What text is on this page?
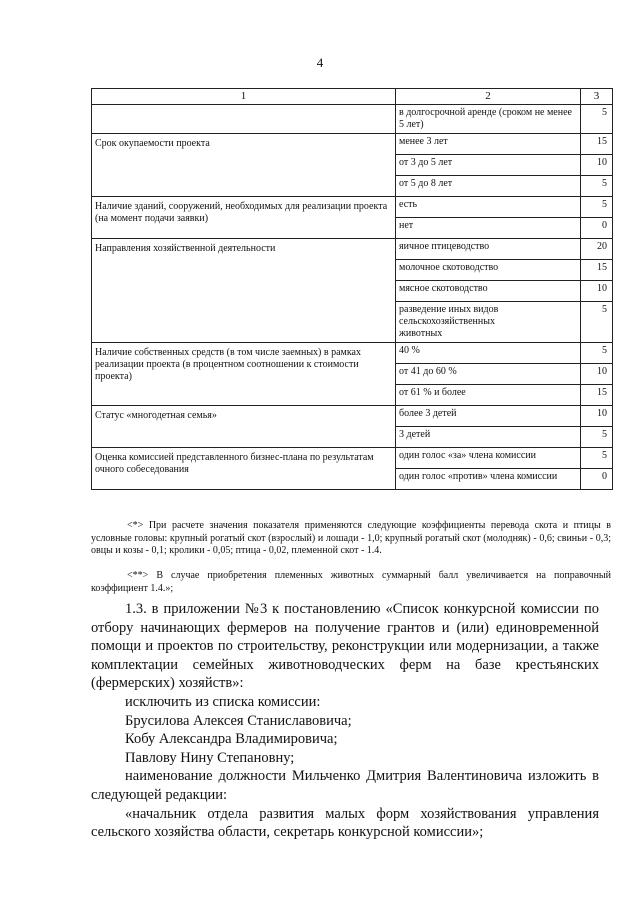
4
1	2	3
	в долгосрочной аренде (сроком не менее 5 лет)	5
Срок окупаемости проекта	менее 3 лет	15
	от 3 до 5 лет	10
	от 5 до 8 лет	5
Наличие зданий, сооружений, необходимых для реализации проекта (на момент подачи заявки)	есть	5
	нет	0
Направления хозяйственной деятельности	яичное птицеводство	20
	молочное скотоводство	15
	мясное скотоводство	10
	разведение иных видов сельскохозяйственных животных	5
Наличие собственных средств (в том числе заемных) в рамках реализации проекта (в процентном соотношении к стоимости проекта)	40 %	5
	от 41 до 60 %	10
	от 61 % и более	15
Статус «многодетная семья»	более 3 детей	10
	3 детей	5
Оценка комиссией представленного бизнес-плана по результатам очного собеседования	один голос «за» члена комиссии	5
	один голос «против» члена комиссии	0
<*> При расчете значения показателя применяются следующие коэффициенты перевода скота и птицы в условные головы: крупный рогатый скот (взрослый) и лошади - 1,0; крупный рогатый скот (молодняк) - 0,6; свиньи - 0,3; овцы и козы - 0,1; кролики - 0,05; птица - 0,02, племенной скот - 1.4.
<**> В случае приобретения племенных животных суммарный балл увеличивается на поправочный коэффициент 1.4.»;

1.3. в приложении №3 к постановлению «Список конкурсной комиссии по отбору начинающих фермеров на получение грантов и (или) единовременной помощи и проектов по строительству, реконструкции или модернизации, а также комплектации семейных животноводческих ферм на базе крестьянских (фермерских) хозяйств»:

исключить из списка комиссии:

Брусилова Алексея Станиславовича;

Кобу Александра Владимировича;

Павлову Нину Степановну;

наименование должности Мильченко Дмитрия Валентиновича изложить в следующей редакции:

«начальник отдела развития малых форм хозяйствования управления сельского хозяйства области, секретарь конкурсной комиссии»;
